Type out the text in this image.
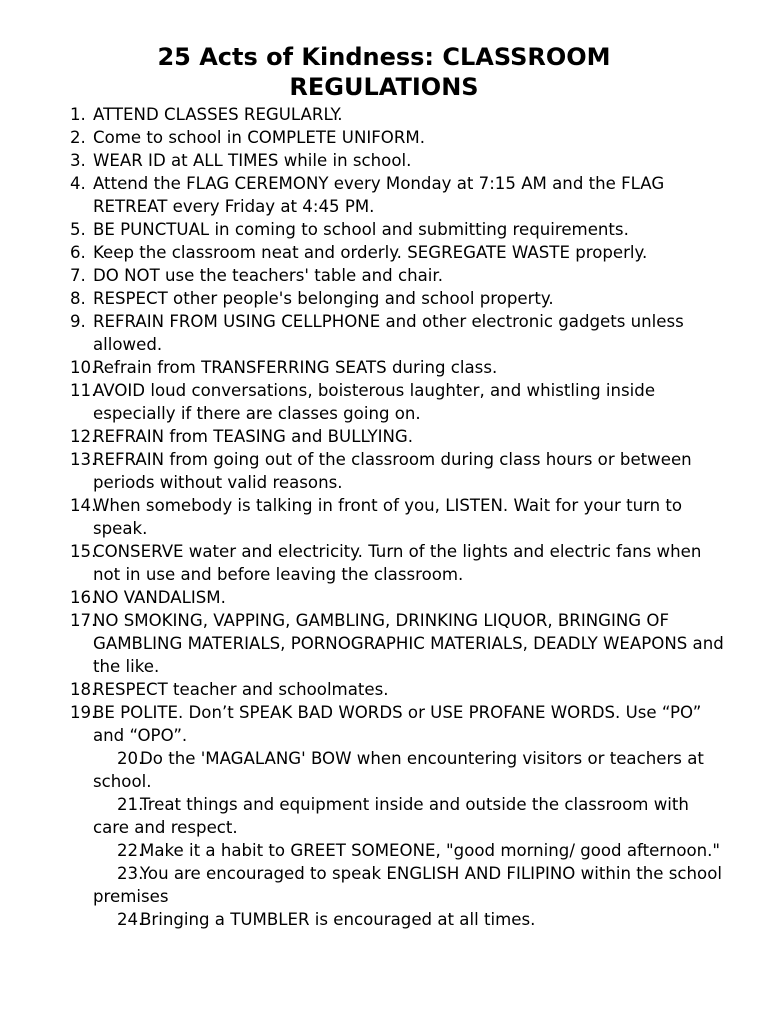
25 Acts of Kindness: CLASSROOM REGULATIONS
1. ATTEND CLASSES REGULARLY.
2. Come to school in COMPLETE UNIFORM.
3. WEAR ID at ALL TIMES while in school.
4. Attend the FLAG CEREMONY every Monday at 7:15 AM and the FLAG RETREAT every Friday at 4:45 PM.
5. BE PUNCTUAL in coming to school and submitting requirements.
6. Keep the classroom neat and orderly. SEGREGATE WASTE properly.
7. DO NOT use the teachers' table and chair.
8. RESPECT other people's belonging and school property.
9. REFRAIN FROM USING CELLPHONE and other electronic gadgets unless allowed.
10.
Refrain from TRANSFERRING SEATS during class.
11.
AVOID loud conversations, boisterous laughter, and whistling inside especially if there are classes going on.
12.
REFRAIN from TEASING and BULLYING.
13.
REFRAIN from going out of the classroom during class hours or between periods without valid reasons.
14.
When somebody is talking in front of you, LISTEN. Wait for your turn to speak.
15.
CONSERVE water and electricity. Turn of the lights and electric fans when not in use and before leaving the classroom.
16.
NO VANDALISM.
17.
NO SMOKING, VAPPING, GAMBLING, DRINKING LIQUOR, BRINGING OF GAMBLING MATERIALS, PORNOGRAPHIC MATERIALS, DEADLY WEAPONS and the like.
18.
RESPECT teacher and schoolmates.
19.
BE POLITE. Don’t SPEAK BAD WORDS or USE PROFANE WORDS. Use “PO” and “OPO”.
20.
Do the 'MAGALANG' BOW when encountering visitors or teachers at school.
21.
Treat things and equipment inside and outside the classroom with care and respect.
22.
Make it a habit to GREET SOMEONE, "good morning/ good afternoon."
23.
You are encouraged to speak ENGLISH AND FILIPINO within the school premises
24.
Bringing a TUMBLER is encouraged at all times.
